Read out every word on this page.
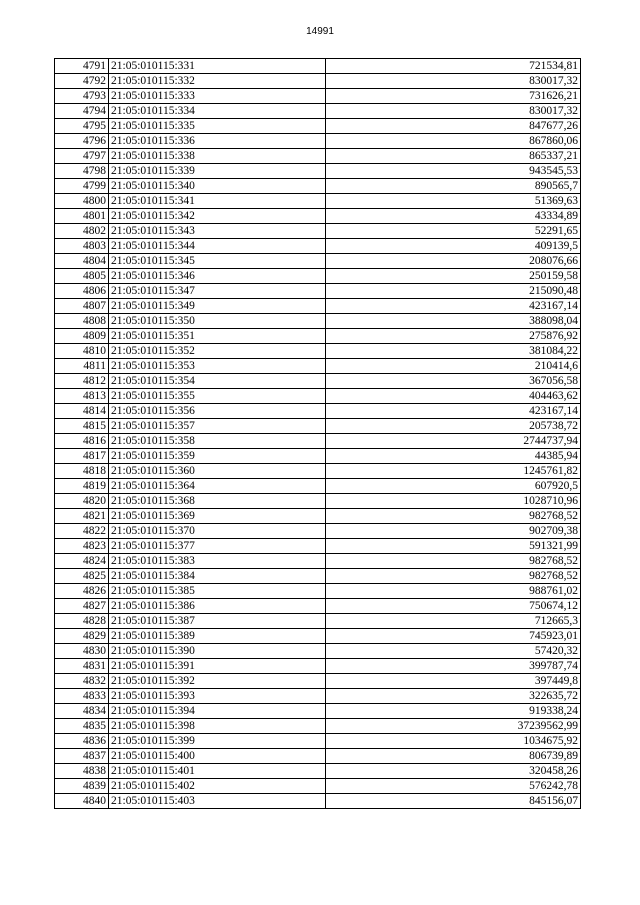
14991
4791	21:05:010115:331	721534,81
4792	21:05:010115:332	830017,32
4793	21:05:010115:333	731626,21
4794	21:05:010115:334	830017,32
4795	21:05:010115:335	847677,26
4796	21:05:010115:336	867860,06
4797	21:05:010115:338	865337,21
4798	21:05:010115:339	943545,53
4799	21:05:010115:340	890565,7
4800	21:05:010115:341	51369,63
4801	21:05:010115:342	43334,89
4802	21:05:010115:343	52291,65
4803	21:05:010115:344	409139,5
4804	21:05:010115:345	208076,66
4805	21:05:010115:346	250159,58
4806	21:05:010115:347	215090,48
4807	21:05:010115:349	423167,14
4808	21:05:010115:350	388098,04
4809	21:05:010115:351	275876,92
4810	21:05:010115:352	381084,22
4811	21:05:010115:353	210414,6
4812	21:05:010115:354	367056,58
4813	21:05:010115:355	404463,62
4814	21:05:010115:356	423167,14
4815	21:05:010115:357	205738,72
4816	21:05:010115:358	2744737,94
4817	21:05:010115:359	44385,94
4818	21:05:010115:360	1245761,82
4819	21:05:010115:364	607920,5
4820	21:05:010115:368	1028710,96
4821	21:05:010115:369	982768,52
4822	21:05:010115:370	902709,38
4823	21:05:010115:377	591321,99
4824	21:05:010115:383	982768,52
4825	21:05:010115:384	982768,52
4826	21:05:010115:385	988761,02
4827	21:05:010115:386	750674,12
4828	21:05:010115:387	712665,3
4829	21:05:010115:389	745923,01
4830	21:05:010115:390	57420,32
4831	21:05:010115:391	399787,74
4832	21:05:010115:392	397449,8
4833	21:05:010115:393	322635,72
4834	21:05:010115:394	919338,24
4835	21:05:010115:398	37239562,99
4836	21:05:010115:399	1034675,92
4837	21:05:010115:400	806739,89
4838	21:05:010115:401	320458,26
4839	21:05:010115:402	576242,78
4840	21:05:010115:403	845156,07
